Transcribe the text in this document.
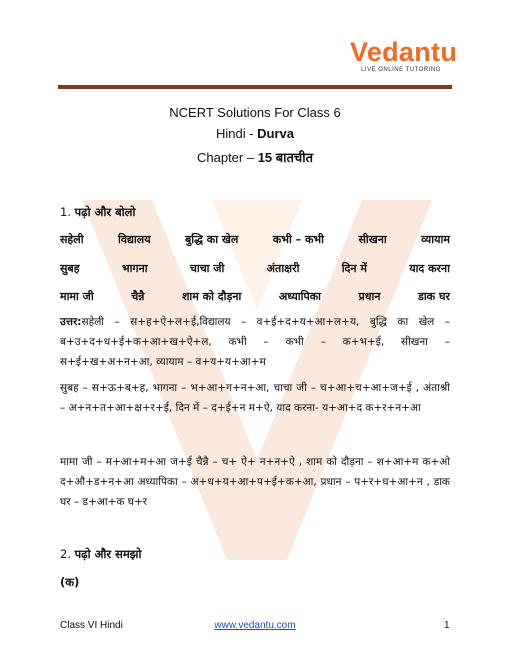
Vedantu
LIVE ONLINE TUTORING
NCERT Solutions For Class 6
Hindi - Durva
Chapter – 15 बातचीत
1. पढ़ो और बोलो
सहेली	विद्यालय	बुद्धि का खेल	कभी – कभी	सीखना	व्यायाम
सुबह	भागना	चाचा जी	अंताक्षरी	दिन में	याद करना
मामा जी	चैन्नै	शाम को दौड़ना	अध्यापिका	प्रधान	डाक घर
उत्तर:सहेली – स+ह+ऐ+ल+ई,विद्यालय – व+ई+द+य+आ+ल+य, बुद्धि का खेल – ब+उ+द+ध+ई+क+आ+ख+ऐ+ल, कभी – कभी – क+भ+ई, सीखना – स+ई+ख+अ+न+आ, व्यायाम – व+य+य+आ+म
सुबह – स+ऊ+ब+ह, भागना – भ+आ+ग+न+आ, चाचा जी – च+आ+च+आ+ज+ई , अंताश्री – अ+न+त+आ+क्ष+र+ई, दिन में – द+ई+न म+ऐ, याद करना- य+आ+द क+र+न+आ
मामा जी – म+आ+म+आ ज+ई चैन्नै – च+ ऐ+ न+न+ऐ , शाम को दौड़ना – श+आ+म क+ओ द+औ+ड+न+आ अध्यापिका – अ+ध+य+आ+प+ई+क+आ, प्रधान – प+र+ध+आ+न , डाक घर – ड+आ+क घ+र
2. पढ़ो और समझो
(क)
Class VI Hindi	www.vedantu.com	1
